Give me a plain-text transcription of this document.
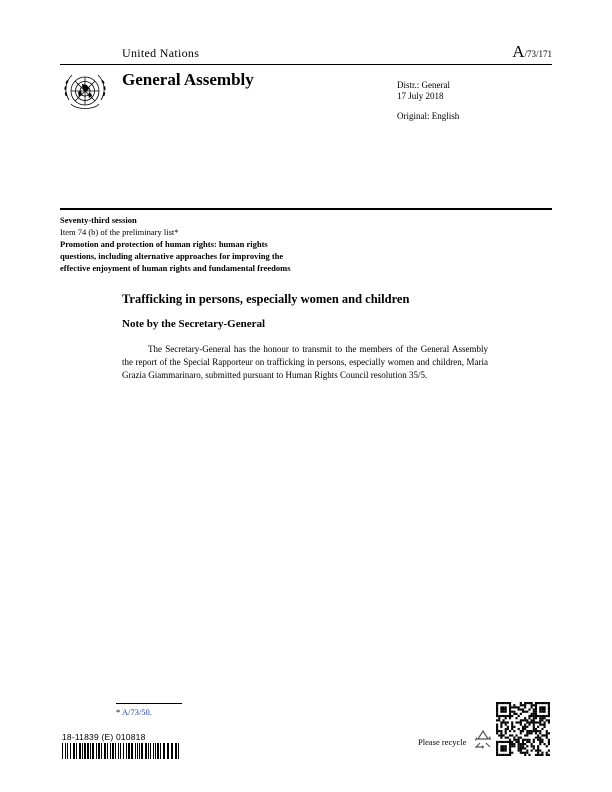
United Nations	A/73/171
General Assembly	Distr.: General
17 July 2018
Original: English
Seventy-third session
Item 74 (b) of the preliminary list*
Promotion and protection of human rights: human rights
questions, including alternative approaches for improving the
effective enjoyment of human rights and fundamental freedoms
Trafficking in persons, especially women and children
Note by the Secretary-General
The Secretary-General has the honour to transmit to the members of the General Assembly the report of the Special Rapporteur on trafficking in persons, especially women and children, Maria Grazia Giammarinaro, submitted pursuant to Human Rights Council resolution 35/5.
* A/73/50.
18-11839 (E) 010818	Please recycle
